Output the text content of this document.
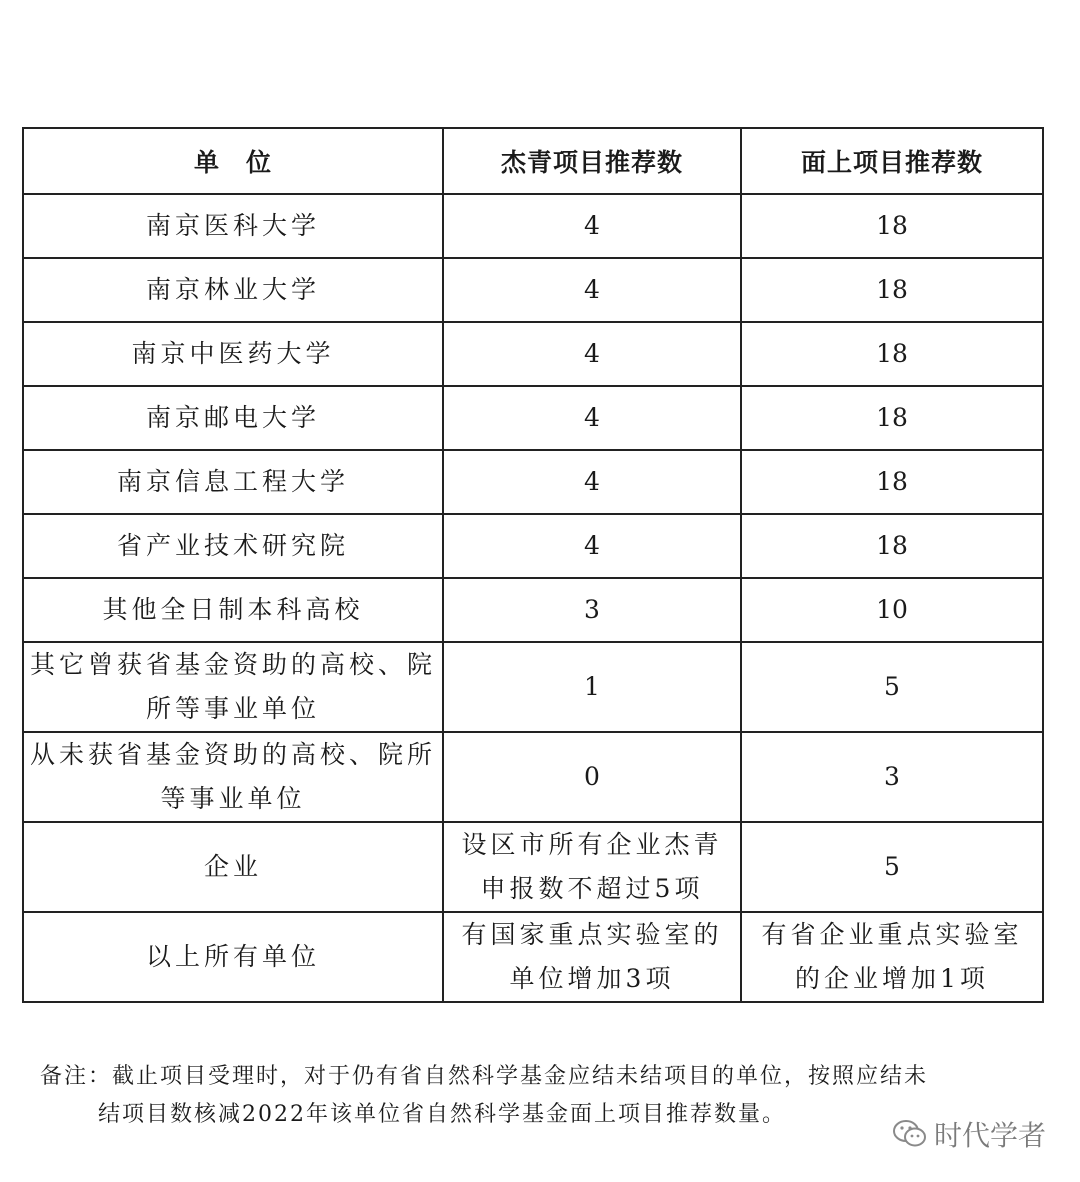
单　位	杰青项目推荐数	面上项目推荐数
南京医科大学	4	18
南京林业大学	4	18
南京中医药大学	4	18
南京邮电大学	4	18
南京信息工程大学	4	18
省产业技术研究院	4	18
其他全日制本科高校	3	10
其它曾获省基金资助的高校、院所等事业单位	1	5
从未获省基金资助的高校、院所等事业单位	0	3
企业	设区市所有企业杰青申报数不超过5项	5
以上所有单位	有国家重点实验室的单位增加3项	有省企业重点实验室的企业增加1项
备注：截止项目受理时，对于仍有省自然科学基金应结未结项目的单位，按照应结未
结项目数核减2022年该单位省自然科学基金面上项目推荐数量。
时代学者
